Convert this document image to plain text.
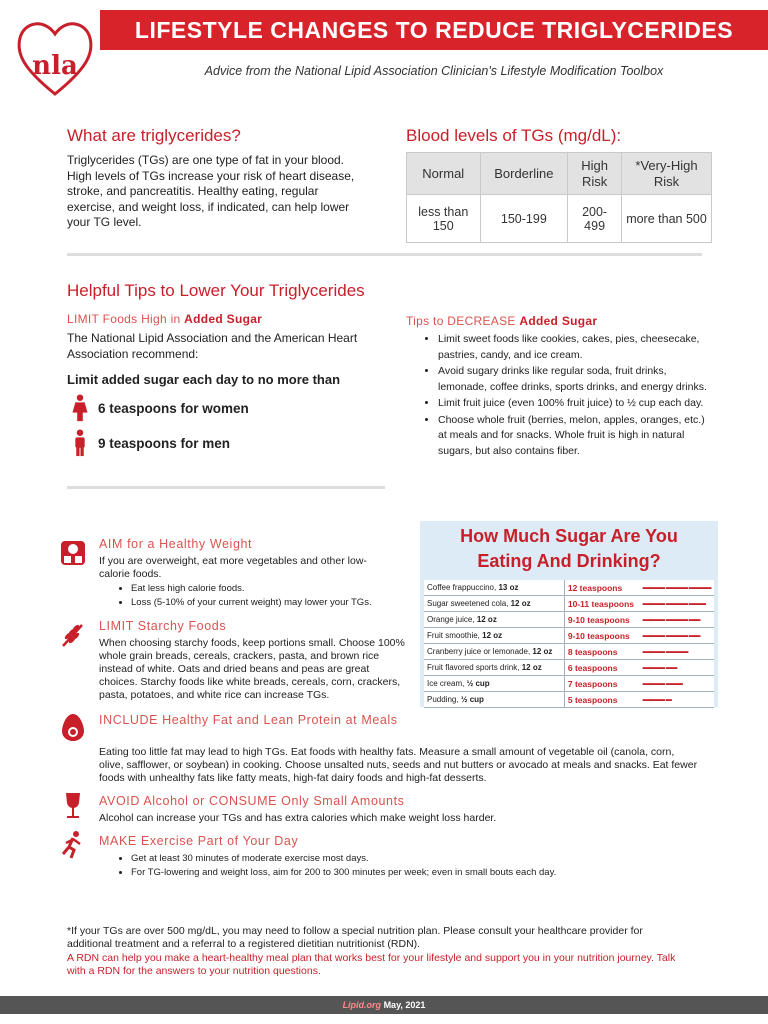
LIFESTYLE CHANGES TO REDUCE TRIGLYCERIDES
nla	Advice from the National Lipid Association Clinician's Lifestyle Modification Toolbox
What are triglycerides?
Triglycerides (TGs) are one type of fat in your blood. High levels of TGs increase your risk of heart disease, stroke, and pancreatitis. Healthy eating, regular exercise, and weight loss, if indicated, can help lower your TG level.
Blood levels of TGs (mg/dL):
Normal	Borderline	High Risk	*Very-High Risk
less than 150	150-199	200-499	more than 500
Helpful Tips to Lower Your Triglycerides
LIMIT Foods High in Added Sugar
The National Lipid Association and the American Heart Association recommend:
Limit added sugar each day to no more than
6 teaspoons for women
9 teaspoons for men
Tips to DECREASE Added Sugar
• Limit sweet foods like cookies, cakes, pies, cheesecake, pastries, candy, and ice cream.
• Avoid sugary drinks like regular soda, fruit drinks, lemonade, coffee drinks, sports drinks, and energy drinks.
• Limit fruit juice (even 100% fruit juice) to ½ cup each day.
• Choose whole fruit (berries, melon, apples, oranges, etc.) at meals and for snacks. Whole fruit is high in natural sugars, but also contains fiber.
AIM for a Healthy Weight
If you are overweight, eat more vegetables and other low-calorie foods.
• Eat less high calorie foods.
• Loss (5-10% of your current weight) may lower your TGs.
LIMIT Starchy Foods
When choosing starchy foods, keep portions small. Choose 100% whole grain breads, cereals, crackers, pasta, and brown rice instead of white. Oats and dried beans and peas are great choices. Starchy foods like white breads, cereals, corn, crackers, pasta, potatoes, and white rice can increase TGs.
INCLUDE Healthy Fat and Lean Protein at Meals
Eating too little fat may lead to high TGs. Eat foods with healthy fats. Measure a small amount of vegetable oil (canola, corn, olive, safflower, or soybean) in cooking. Choose unsalted nuts, seeds and nut butters or avocado at meals and snacks. Eat fewer foods with unhealthy fats like fatty meats, high-fat dairy foods and high-fat desserts.
AVOID Alcohol or CONSUME Only Small Amounts
Alcohol can increase your TGs and has extra calories which make weight loss harder.
MAKE Exercise Part of Your Day
• Get at least 30 minutes of moderate exercise most days.
• For TG-lowering and weight loss, aim for 200 to 300 minutes per week; even in small bouts each day.
How Much Sugar Are You
Eating And Drinking?
Coffee frappuccino, 13 oz	12 teaspoons	▬▬▬▬ ▬▬▬▬ ▬▬▬▬
Sugar sweetened cola, 12 oz	10-11 teaspoons	▬▬▬▬ ▬▬▬▬ ▬▬▬
Orange juice, 12 oz	9-10 teaspoons	▬▬▬▬ ▬▬▬▬ ▬▬
Fruit smoothie, 12 oz	9-10 teaspoons	▬▬▬▬ ▬▬▬▬ ▬▬
Cranberry juice or lemonade, 12 oz	8 teaspoons	▬▬▬▬ ▬▬▬▬
Fruit flavored sports drink, 12 oz	6 teaspoons	▬▬▬▬ ▬▬
Ice cream, ½ cup	7 teaspoons	▬▬▬▬ ▬▬▬
Pudding, ½ cup	5 teaspoons	▬▬▬▬ ▬
*If your TGs are over 500 mg/dL, you may need to follow a special nutrition plan. Please consult your healthcare provider for additional treatment and a referral to a registered dietitian nutritionist (RDN).
A RDN can help you make a heart-healthy meal plan that works best for your lifestyle and support you in your nutrition journey. Talk with a RDN for the answers to your nutrition questions.
Lipid.org May, 2021
